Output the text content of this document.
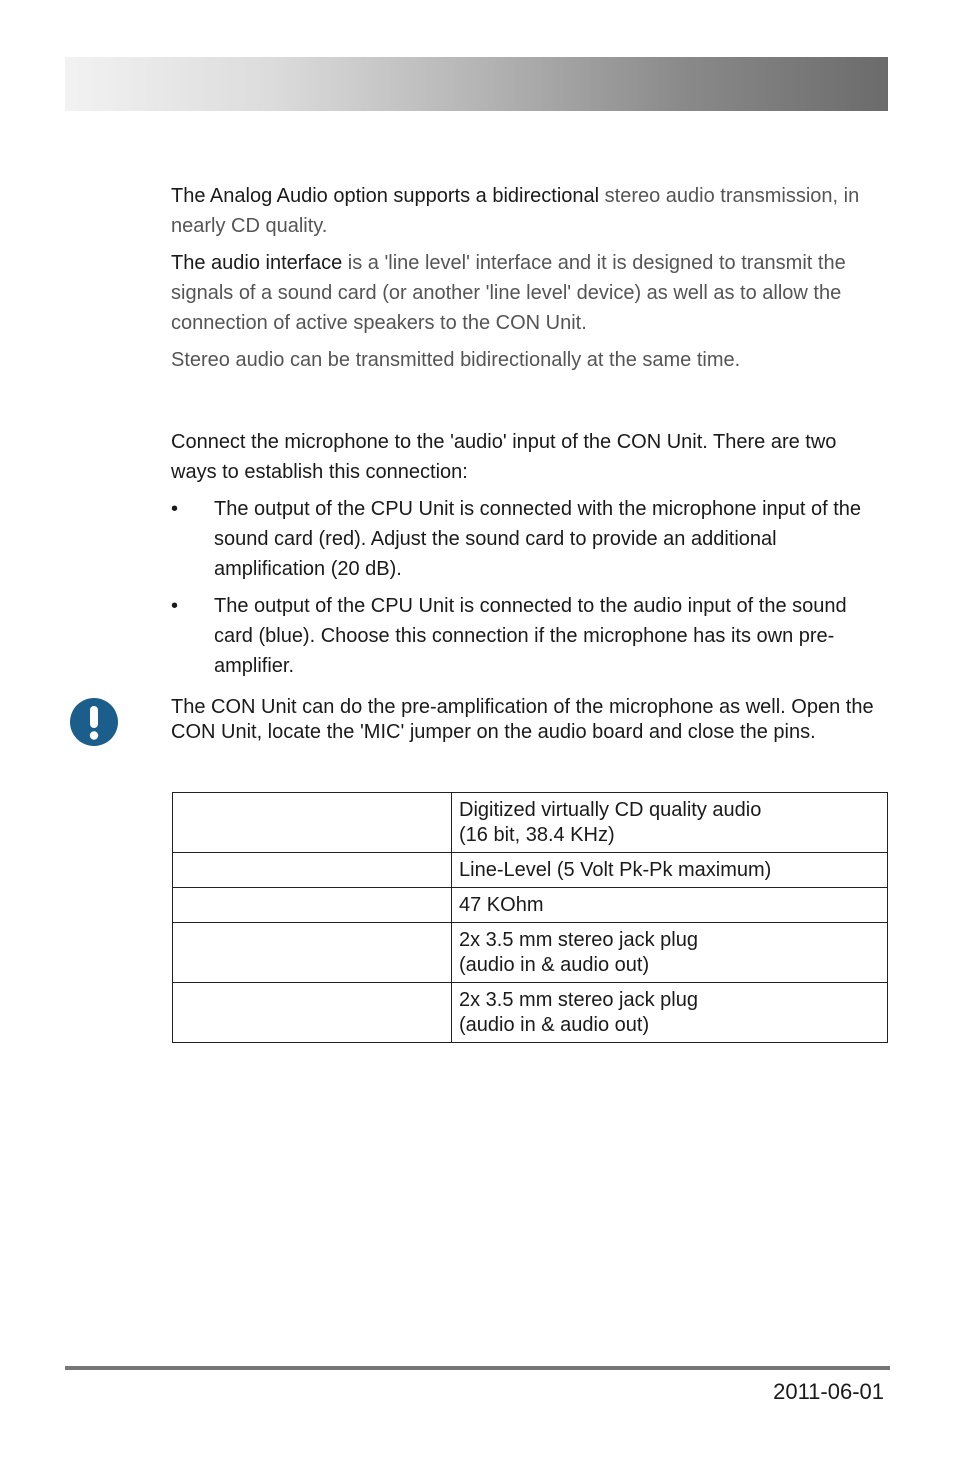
The Analog Audio option supports a bidirectional stereo audio transmission, in nearly CD quality.
The audio interface is a 'line level' interface and it is designed to transmit the signals of a sound card (or another 'line level' device) as well as to allow the connection of active speakers to the CON Unit.
Stereo audio can be transmitted bidirectionally at the same time.
Connect the microphone to the 'audio' input of the CON Unit. There are two ways to establish this connection:
• The output of the CPU Unit is connected with the microphone input of the sound card (red). Adjust the sound card to provide an additional amplification (20 dB).
• The output of the CPU Unit is connected to the audio input of the sound card (blue). Choose this connection if the microphone has its own pre-amplifier.
The CON Unit can do the pre-amplification of the microphone as well. Open the CON Unit, locate the 'MIC' jumper on the audio board and close the pins.

	Digitized virtually CD quality audio
(16 bit, 38.4 KHz)

	Line-Level (5 Volt Pk-Pk maximum)

	47 KOhm

	2x 3.5 mm stereo jack plug
(audio in & audio out)

	2x 3.5 mm stereo jack plug
(audio in & audio out)
2011-06-01
